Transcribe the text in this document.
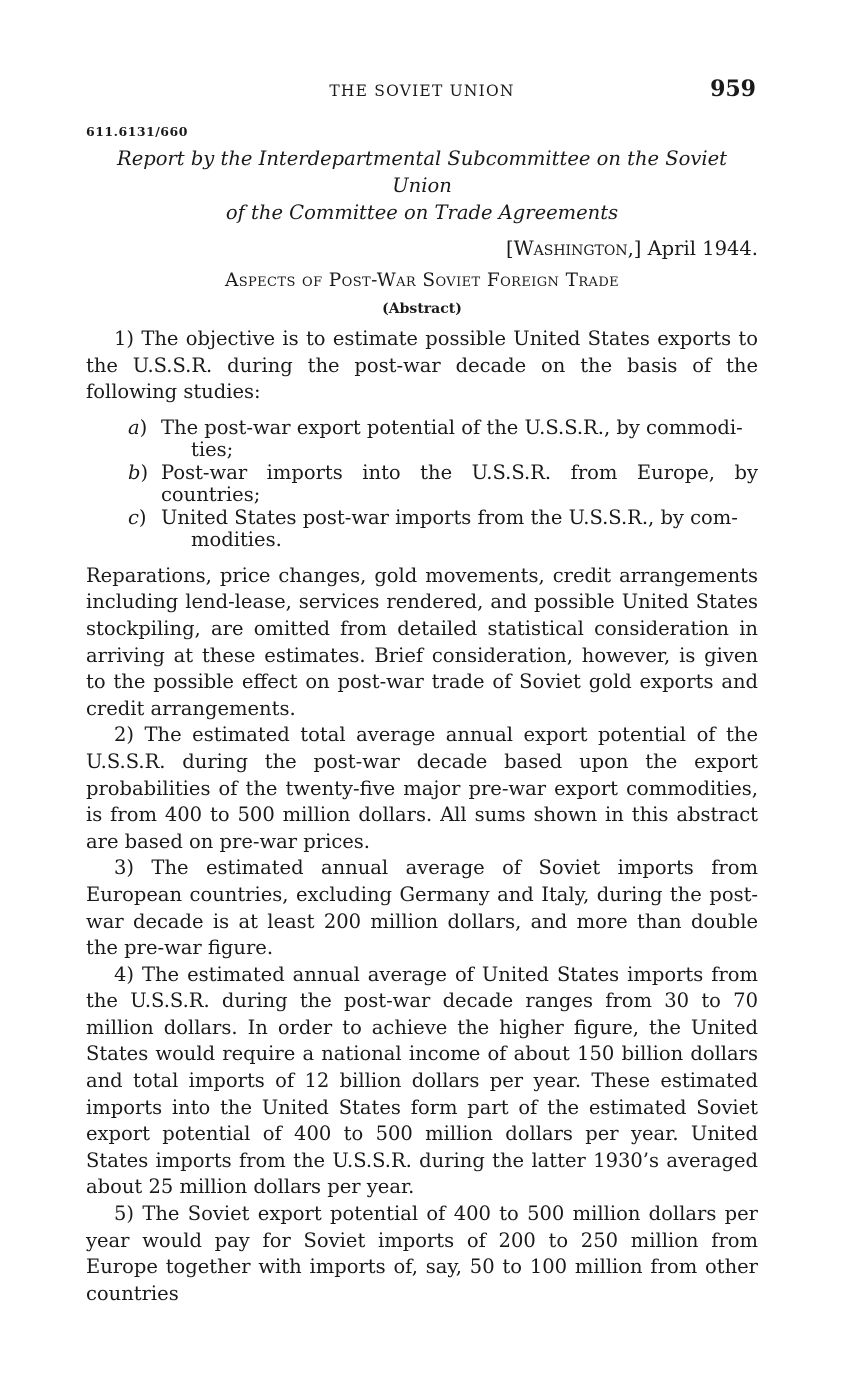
THE SOVIET UNION	959
611.6131/660
Report by the Interdepartmental Subcommittee on the Soviet Union
of the Committee on Trade Agreements
[Washington,] April 1944.
Aspects of Post-War Soviet Foreign Trade
(Abstract)

1) The objective is to estimate possible United States exports to the U.S.S.R. during the post-war decade on the basis of the following studies:

a) The post-war export potential of the U.S.S.R., by commodi-
ties;
b) Post-war imports into the U.S.S.R. from Europe, by countries;
c) United States post-war imports from the U.S.S.R., by com-
modities.

Reparations, price changes, gold movements, credit arrangements including lend-lease, services rendered, and possible United States stockpiling, are omitted from detailed statistical consideration in arriving at these estimates. Brief consideration, however, is given to the possible effect on post-war trade of Soviet gold exports and credit arrangements.

2) The estimated total average annual export potential of the U.S.S.R. during the post-war decade based upon the export probabilities of the twenty-five major pre-war export commodities, is from 400 to 500 million dollars. All sums shown in this abstract are based on pre-war prices.

3) The estimated annual average of Soviet imports from European countries, excluding Germany and Italy, during the post-war decade is at least 200 million dollars, and more than double the pre-war figure.

4) The estimated annual average of United States imports from the U.S.S.R. during the post-war decade ranges from 30 to 70 million dollars. In order to achieve the higher figure, the United States would require a national income of about 150 billion dollars and total imports of 12 billion dollars per year. These estimated imports into the United States form part of the estimated Soviet export potential of 400 to 500 million dollars per year. United States imports from the U.S.S.R. during the latter 1930’s averaged about 25 million dollars per year.

5) The Soviet export potential of 400 to 500 million dollars per year would pay for Soviet imports of 200 to 250 million from Europe together with imports of, say, 50 to 100 million from other countries
